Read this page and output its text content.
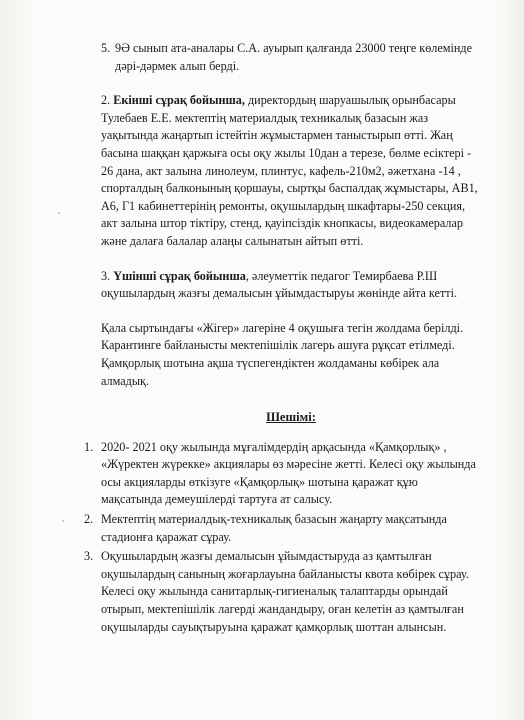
5. 9Ә сынып ата-аналары С.А. ауырып қалғанда 23000 теңге көлемінде дәрі-дәрмек алып берді.

2. Екінші сұрақ бойынша, директордың шаруашылық орынбасары Тулебаев Е.Е. мектептің материалдық техникалық базасын жаз уақытында жаңартып істейтін жұмыстармен таныстырып өтті. Жаң басына шаққан қаржыға осы оқу жылы 10дан а терезе, бөлме есіктері - 26 дана, акт залына линолеум, плинтус, кафель-210м2, әжетхана -14 , спорталдың балконының қоршауы, сыртқы баспалдақ жұмыстары, АВ1, А6, Г1 кабинеттерінің ремонты, оқушылардың шкафтары-250 секция, акт залына штор тіктіру, стенд, қауіпсіздік кнопкасы, видеокамералар және далаға балалар алаңы салынатын айтып өтті.

3. Үшінші сұрақ бойынша, әлеуметтік педагог Темирбаева Р.Ш оқушылардың жазғы демалысын ұйымдастыруы жөнінде айта кетті.

Қала сыртындағы «Жігер» лагеріне 4 оқушыға тегін жолдама берілді. Карантинге байланысты мектепішілік лагерь ашуға рұқсат етілмеді. Қамқорлық шотына ақша түспегендіктен жолдаманы көбірек ала алмадық.

Шешімі:
1. 2020- 2021 оқу жылында мұғалімдердің арқасында «Қамқорлық» , «Жүректен жүрекке» акциялары өз мәресіне жетті. Келесі оқу жылында осы акцияларды өткізуге «Қамқорлық» шотына қаражат құю мақсатында демеушілерді тартуға ат салысу.
2. Мектептің материалдық-техникалық базасын жаңарту мақсатында стадионға қаражат сұрау.
3. Оқушылардың жазғы демалысын ұйымдастыруда аз қамтылған оқушылардың санының жоғарлауына байланысты квота көбірек сұрау. Келесі оқу жылында санитарлық-гигиеналық талаптарды орындай отырып, мектепішілік лагерді жандандыру, оған келетін аз қамтылған оқушыларды сауықтыруына қаражат қамқорлық шоттан алынсын.
